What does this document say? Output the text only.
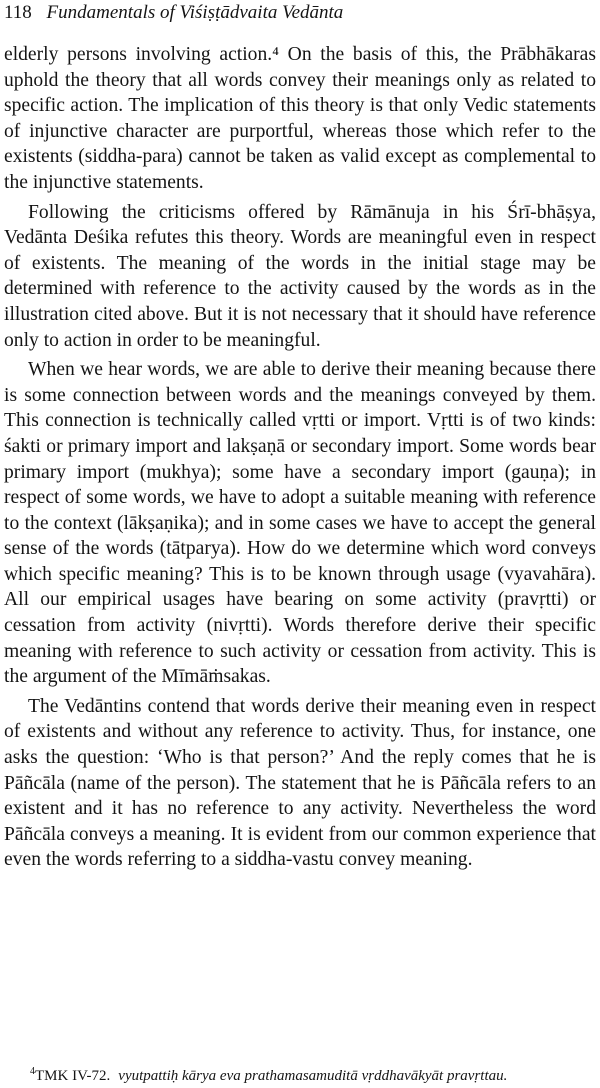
118 Fundamentals of Viśiṣṭādvaita Vedānta

elderly persons involving action.⁴ On the basis of this, the Prābhākaras uphold the theory that all words convey their meanings only as related to specific action. The implication of this theory is that only Vedic statements of injunctive character are purportful, whereas those which refer to the existents (siddha-para) cannot be taken as valid except as complemental to the injunctive statements.

Following the criticisms offered by Rāmānuja in his Śrī-bhāṣya, Vedānta Deśika refutes this theory. Words are meaningful even in respect of existents. The meaning of the words in the initial stage may be determined with reference to the activity caused by the words as in the illustration cited above. But it is not necessary that it should have reference only to action in order to be meaningful.

When we hear words, we are able to derive their meaning because there is some connection between words and the meanings conveyed by them. This connection is technically called vṛtti or import. Vṛtti is of two kinds: śakti or primary import and lakṣaṇā or secondary import. Some words bear primary import (mukhya); some have a secondary import (gauṇa); in respect of some words, we have to adopt a suitable meaning with reference to the context (lākṣaṇika); and in some cases we have to accept the general sense of the words (tātparya). How do we determine which word conveys which specific meaning? This is to be known through usage (vyavahāra). All our empirical usages have bearing on some activity (pravṛtti) or cessation from activity (nivṛtti). Words therefore derive their specific meaning with reference to such activity or cessation from activity. This is the argument of the Mīmāṁsakas.

The Vedāntins contend that words derive their meaning even in respect of existents and without any reference to activity. Thus, for instance, one asks the question: ‘Who is that person?’ And the reply comes that he is Pāñcāla (name of the person). The statement that he is Pāñcāla refers to an existent and it has no reference to any activity. Nevertheless the word Pāñcāla conveys a meaning. It is evident from our common experience that even the words referring to a siddha-vastu convey meaning.

$^4$TMK IV-72. vyutpattiḥ kārya eva prathamasamuditā vṛddhavākyāt pravṛttau.
